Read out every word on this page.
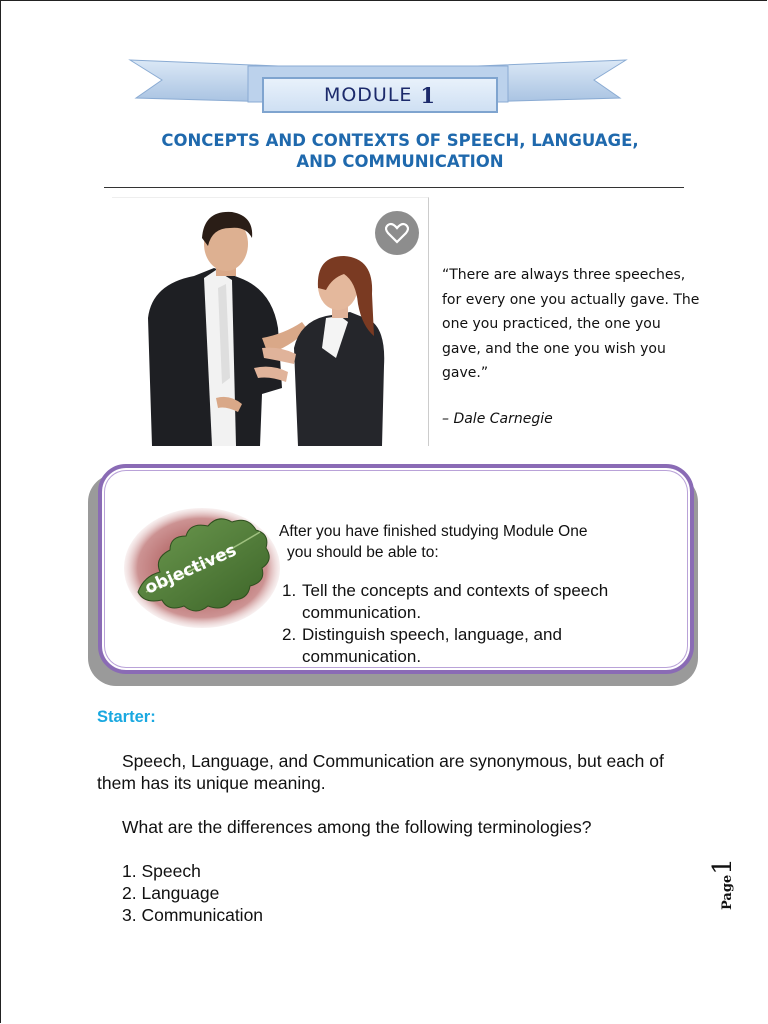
MODULE 1
CONCEPTS AND CONTEXTS OF SPEECH, LANGUAGE,
AND COMMUNICATION
“There are always three speeches,
for every one you actually gave. The
one you practiced, the one you
gave, and the one you wish you
gave.”
– Dale Carnegie
objectives
After you have finished studying Module One
you should be able to:
1. Tell the concepts and contexts of speech
communication.
2. Distinguish speech, language, and
communication.
Starter:
Speech, Language, and Communication are synonymous, but each of them has its unique meaning.
What are the differences among the following terminologies?
1. Speech
2. Language
3. Communication
Page1
